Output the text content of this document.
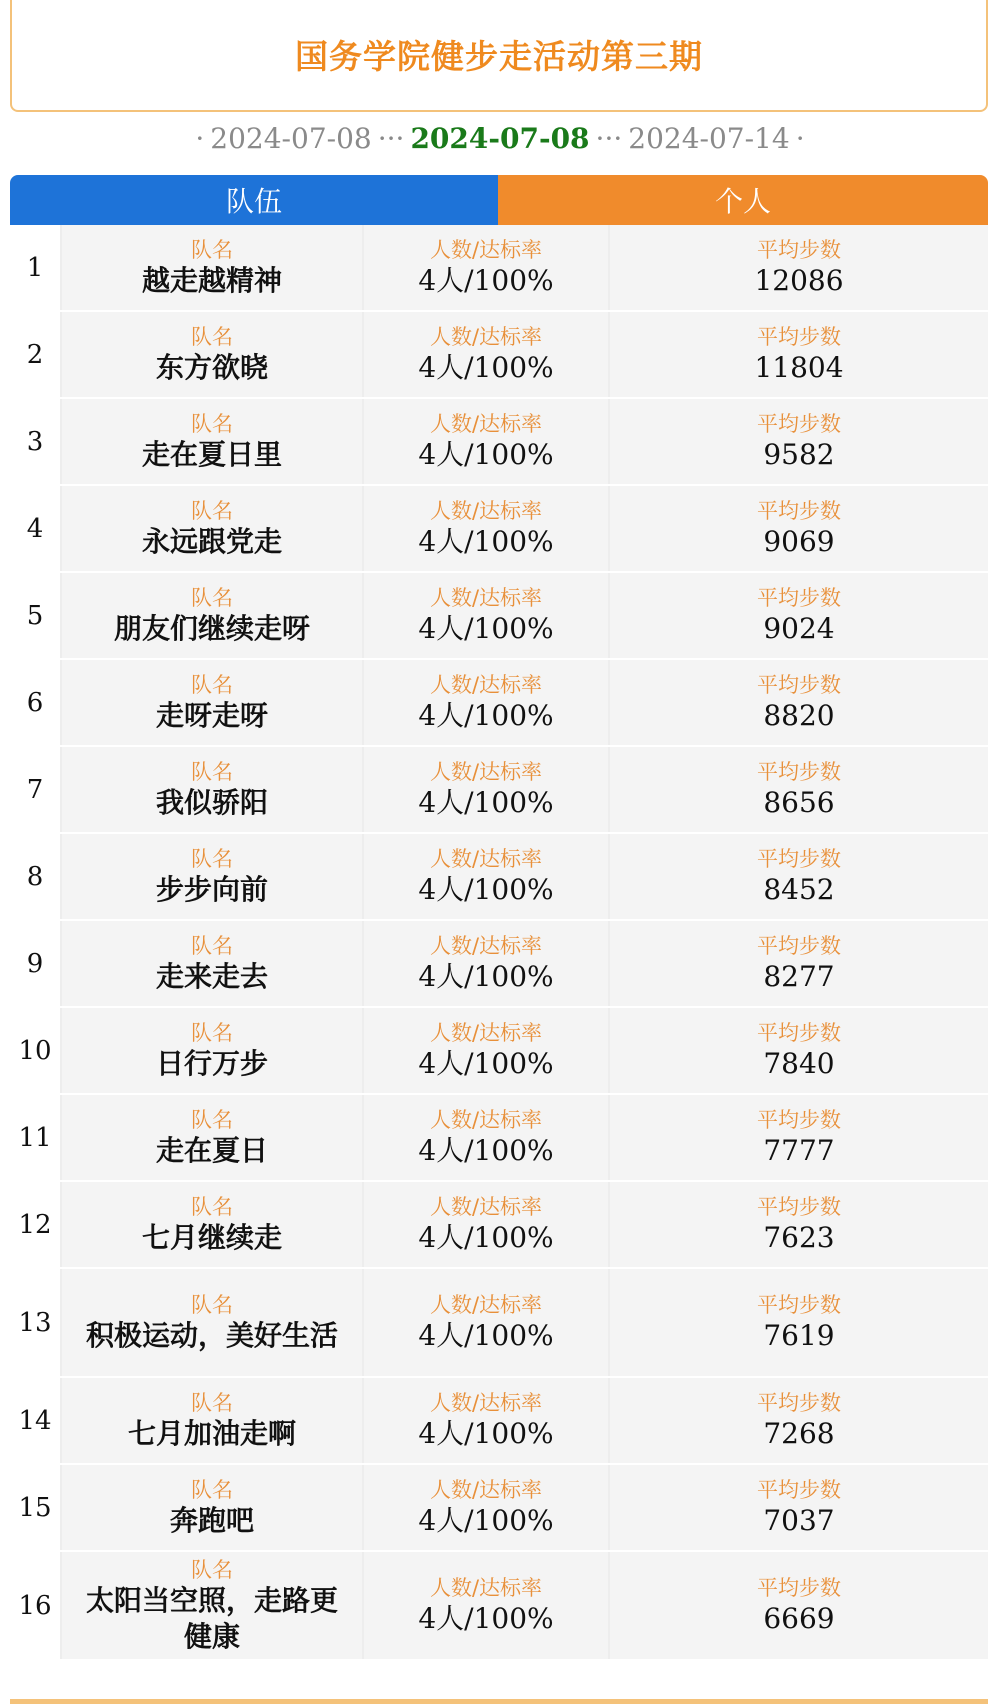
国务学院健步走活动第三期
· 2024-07-08 ··· 2024-07-08 ··· 2024-07-14 ·
队伍	个人
1
队名
越走越精神
人数/达标率
4人/100%
平均步数
12086
2
队名
东方欲晓
人数/达标率
4人/100%
平均步数
11804
3
队名
走在夏日里
人数/达标率
4人/100%
平均步数
9582
4
队名
永远跟党走
人数/达标率
4人/100%
平均步数
9069
5
队名
朋友们继续走呀
人数/达标率
4人/100%
平均步数
9024
6
队名
走呀走呀
人数/达标率
4人/100%
平均步数
8820
7
队名
我似骄阳
人数/达标率
4人/100%
平均步数
8656
8
队名
步步向前
人数/达标率
4人/100%
平均步数
8452
9
队名
走来走去
人数/达标率
4人/100%
平均步数
8277
10
队名
日行万步
人数/达标率
4人/100%
平均步数
7840
11
队名
走在夏日
人数/达标率
4人/100%
平均步数
7777
12
队名
七月继续走
人数/达标率
4人/100%
平均步数
7623
13
队名
积极运动，美好生活
人数/达标率
4人/100%
平均步数
7619
14
队名
七月加油走啊
人数/达标率
4人/100%
平均步数
7268
15
队名
奔跑吧
人数/达标率
4人/100%
平均步数
7037
16
队名
太阳当空照，走路更健康
人数/达标率
4人/100%
平均步数
6669
